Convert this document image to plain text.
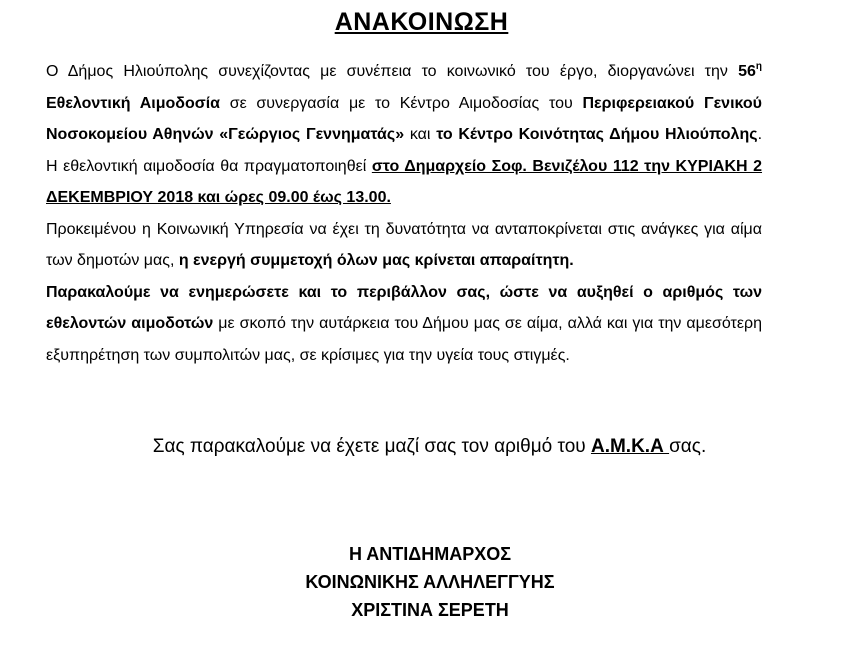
ΑΝΑΚΟΙΝΩΣΗ

Ο Δήμος Ηλιούπολης συνεχίζοντας με συνέπεια το κοινωνικό του έργο, διοργανώνει την $56^\eta$ Εθελοντική Αιμοδοσία σε συνεργασία με το Κέντρο Αιμοδοσίας του Περιφερειακού Γενικού Νοσοκομείου Αθηνών «Γεώργιος Γεννηματάς» και το Κέντρο Κοινότητας Δήμου Ηλιούπολης. Η εθελοντική αιμοδοσία θα πραγματοποιηθεί στο Δημαρχείο Σοφ. Βενιζέλου 112 την ΚΥΡΙΑΚΗ 2 ΔΕΚΕΜΒΡΙΟΥ 2018 και ώρες 09.00 έως 13.00.

Προκειμένου η Κοινωνική Υπηρεσία να έχει τη δυνατότητα να ανταποκρίνεται στις ανάγκες για αίμα των δημοτών μας, η ενεργή συμμετοχή όλων μας κρίνεται απαραίτητη.

Παρακαλούμε να ενημερώσετε και το περιβάλλον σας, ώστε να αυξηθεί ο αριθμός των εθελοντών αιμοδοτών με σκοπό την αυτάρκεια του Δήμου μας σε αίμα, αλλά και για την αμεσότερη εξυπηρέτηση των συμπολιτών μας, σε κρίσιμες για την υγεία τους στιγμές.

Σας παρακαλούμε να έχετε μαζί σας τον αριθμό του Α.Μ.Κ.Α σας.
Η ΑΝΤΙΔΗΜΑΡΧΟΣ
ΚΟΙΝΩΝΙΚΗΣ ΑΛΛΗΛΕΓΓΥΗΣ
ΧΡΙΣΤΙΝΑ ΣΕΡΕΤΗ
